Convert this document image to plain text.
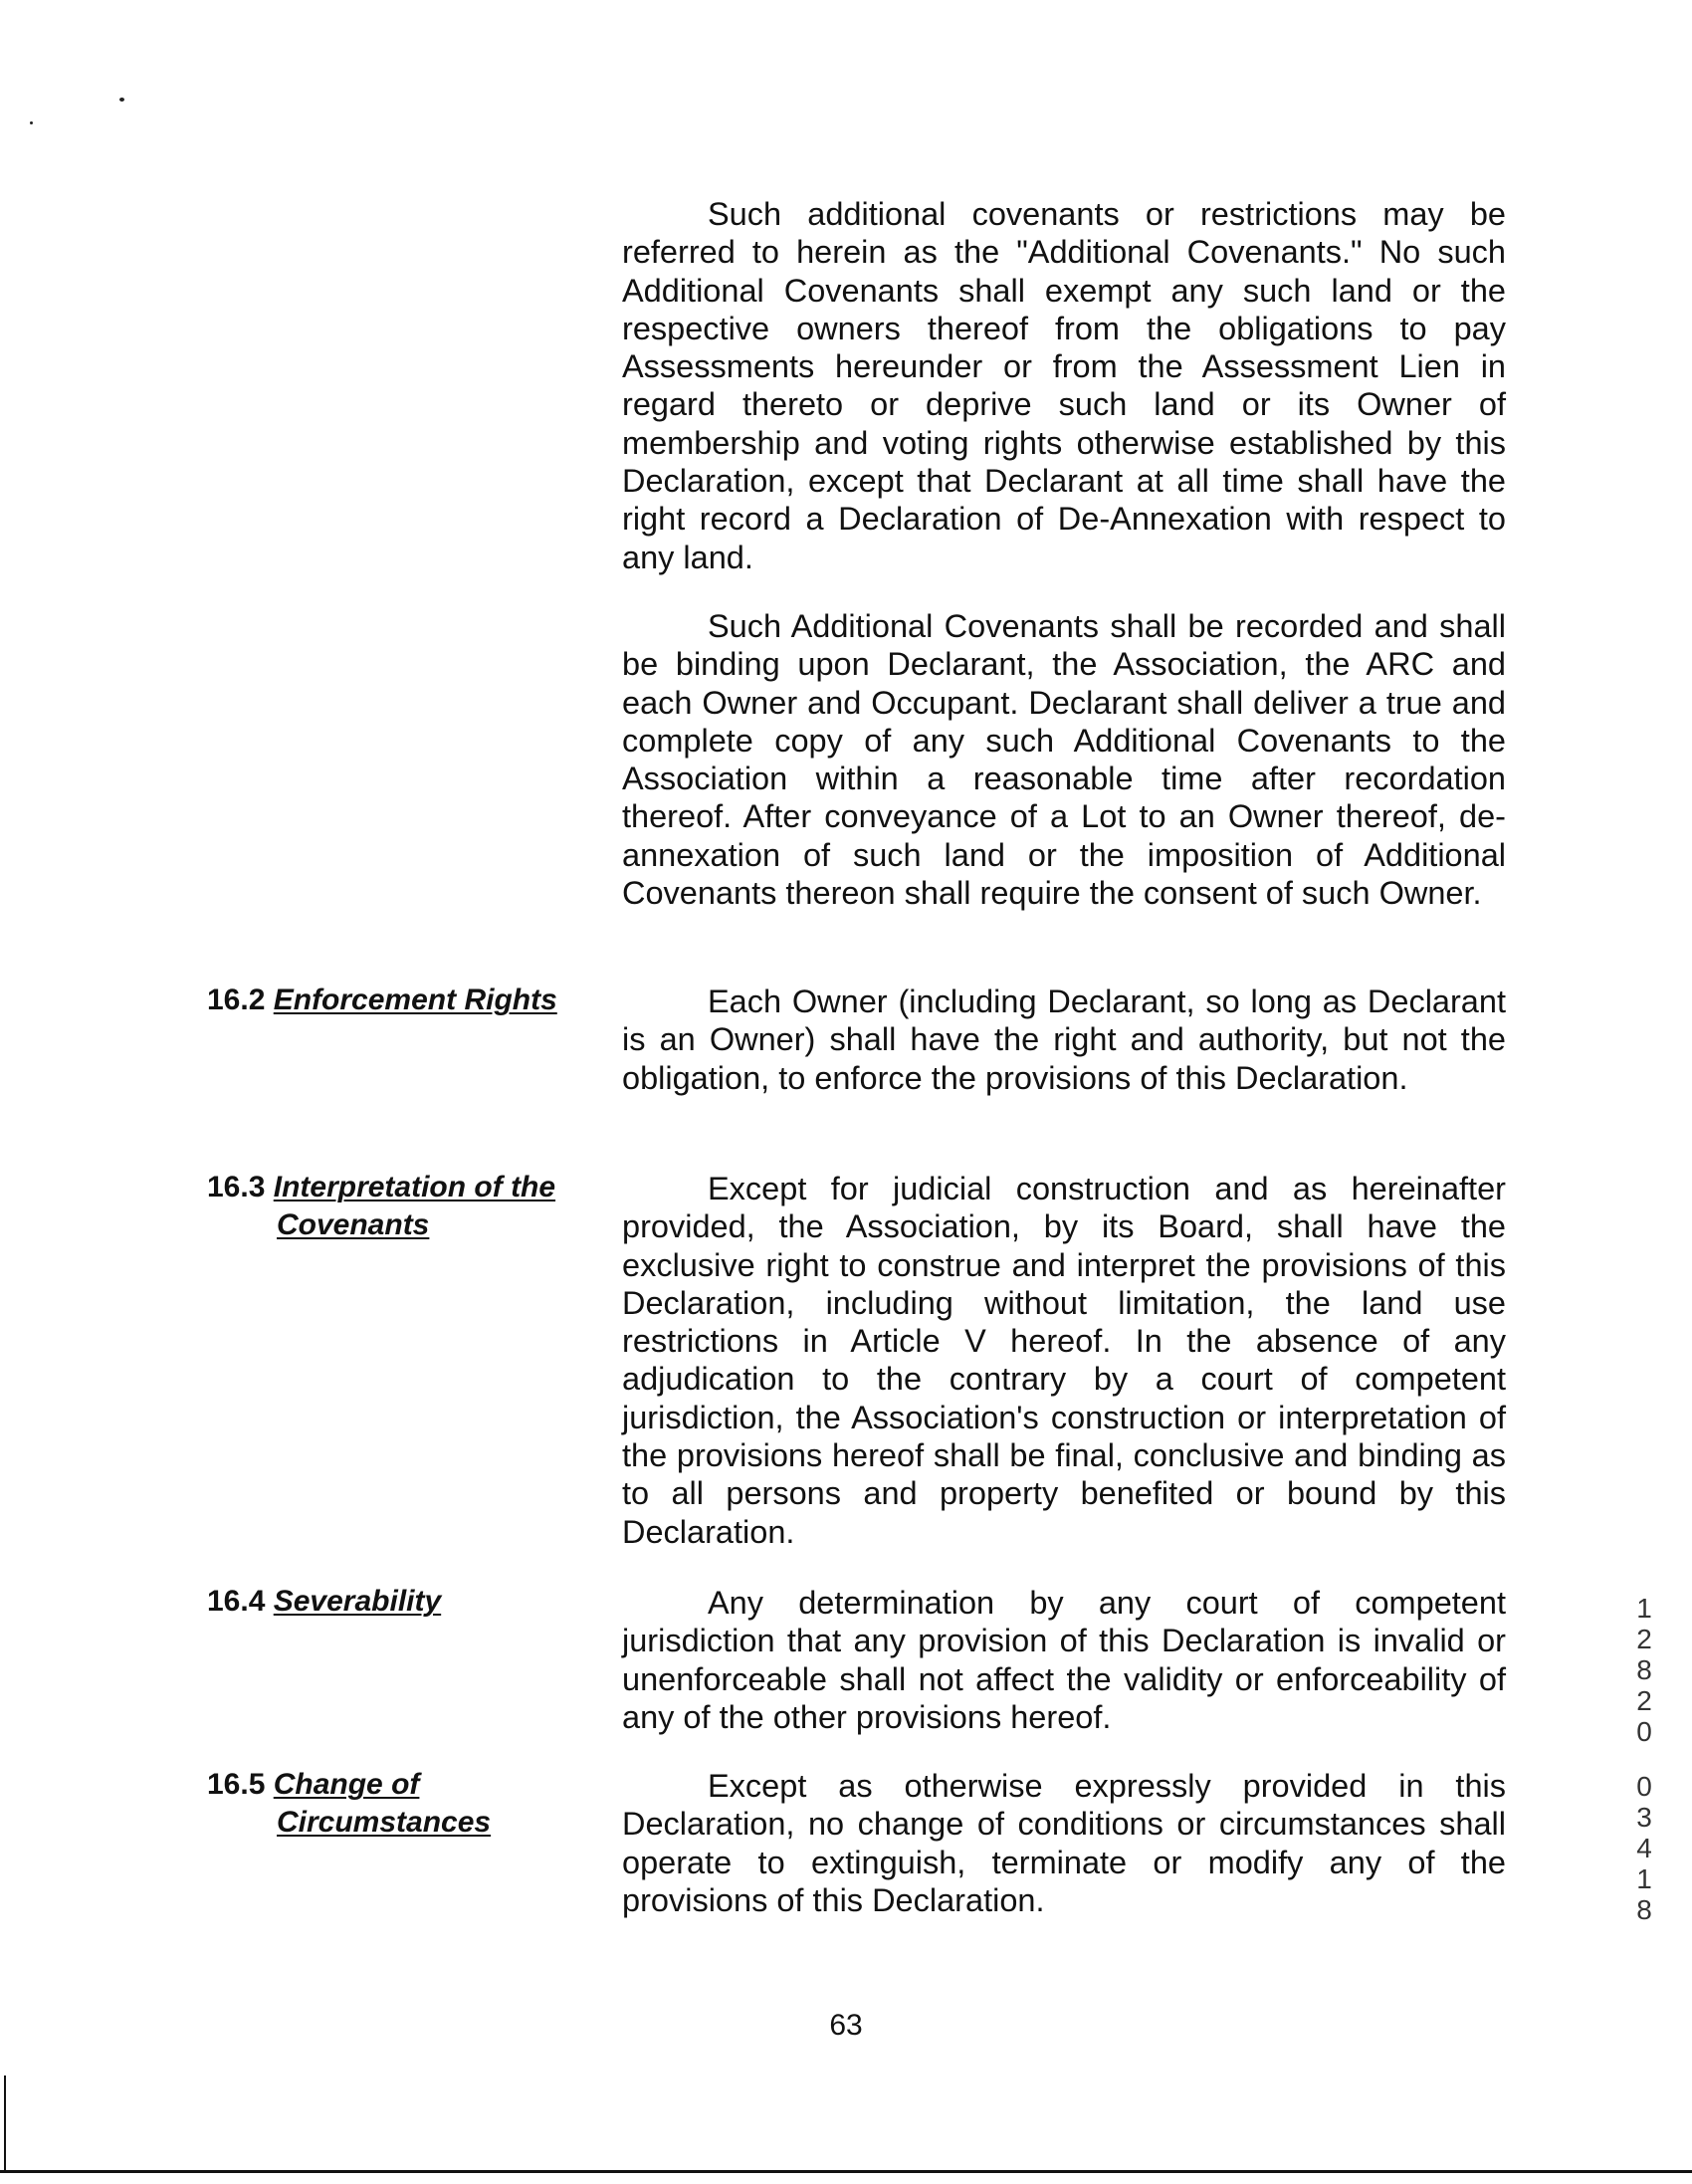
Such additional covenants or restrictions may be referred to herein as the "Additional Covenants." No such Additional Covenants shall exempt any such land or the respective owners thereof from the obligations to pay Assessments hereunder or from the Assessment Lien in regard thereto or deprive such land or its Owner of membership and voting rights otherwise established by this Declaration, except that Declarant at all time shall have the right record a Declaration of De-Annexation with respect to any land.

Such Additional Covenants shall be recorded and shall be binding upon Declarant, the Association, the ARC and each Owner and Occupant. Declarant shall deliver a true and complete copy of any such Additional Covenants to the Association within a reasonable time after recordation thereof. After conveyance of a Lot to an Owner thereof, de-annexation of such land or the imposition of Additional Covenants thereon shall require the consent of such Owner.

16.2 Enforcement Rights	Each Owner (including Declarant, so long as Declarant is an Owner) shall have the right and authority, but not the obligation, to enforce the provisions of this Declaration.

16.3 Interpretation of the
Covenants

Except for judicial construction and as hereinafter provided, the Association, by its Board, shall have the exclusive right to construe and interpret the provisions of this Declaration, including without limitation, the land use restrictions in Article V hereof. In the absence of any adjudication to the contrary by a court of competent jurisdiction, the Association's construction or interpretation of the provisions hereof shall be final, conclusive and binding as to all persons and property benefited or bound by this Declaration.

16.4 Severability	Any determination by any court of competent jurisdiction that any provision of this Declaration is invalid or unenforceable shall not affect the validity or enforceability of any of the other provisions hereof.

16.5 Change of
Circumstances

Except as otherwise expressly provided in this Declaration, no change of conditions or circumstances shall operate to extinguish, terminate or modify any of the provisions of this Declaration.

63
1
2
8
2
0
0
3
4
1
8
